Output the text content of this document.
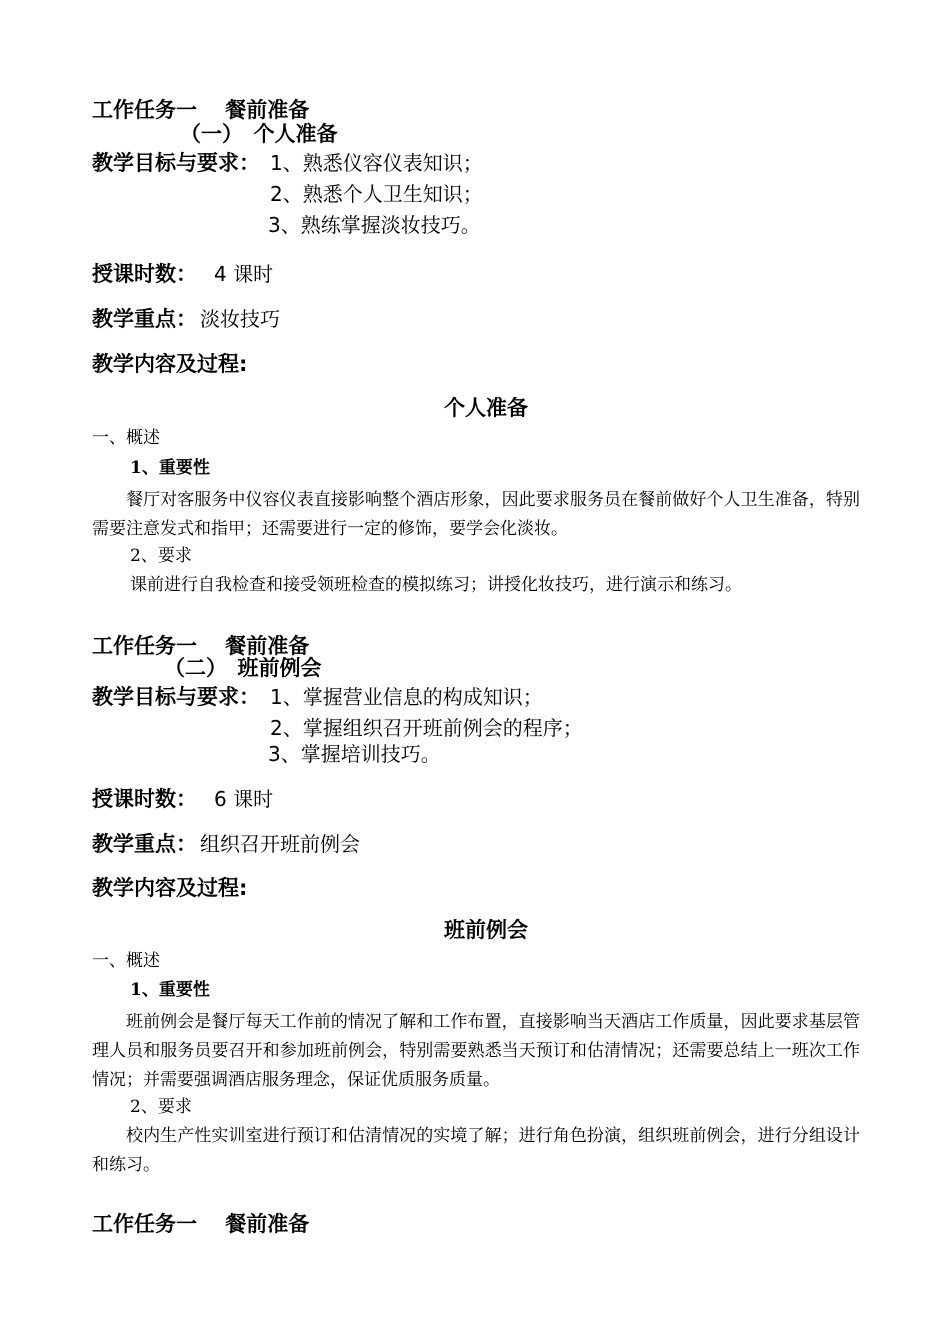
工作任务一　 餐前准备
（一）　个人准备
教学目标与要求： 1、熟悉仪容仪表知识；
2、熟悉个人卫生知识；
3、熟练掌握淡妆技巧。
授课时数： 4 课时
教学重点： 淡妆技巧
教学内容及过程:
个人准备
一、概述
1、重要性
餐厅对客服务中仪容仪表直接影响整个酒店形象，因此要求服务员在餐前做好个人卫生准备，特别需要注意发式和指甲；还需要进行一定的修饰，要学会化淡妆。
2、要求
课前进行自我检查和接受领班检查的模拟练习；讲授化妆技巧，进行演示和练习。
工作任务一　 餐前准备
（二）　班前例会
教学目标与要求： 1、掌握营业信息的构成知识；
2、掌握组织召开班前例会的程序；
3、掌握培训技巧。
授课时数： 6 课时
教学重点： 组织召开班前例会
教学内容及过程:
班前例会
一、概述
1、重要性
班前例会是餐厅每天工作前的情况了解和工作布置，直接影响当天酒店工作质量，因此要求基层管理人员和服务员要召开和参加班前例会，特别需要熟悉当天预订和估清情况；还需要总结上一班次工作情况；并需要强调酒店服务理念，保证优质服务质量。
2、要求
校内生产性实训室进行预订和估清情况的实境了解；进行角色扮演，组织班前例会，进行分组设计和练习。
工作任务一　 餐前准备
